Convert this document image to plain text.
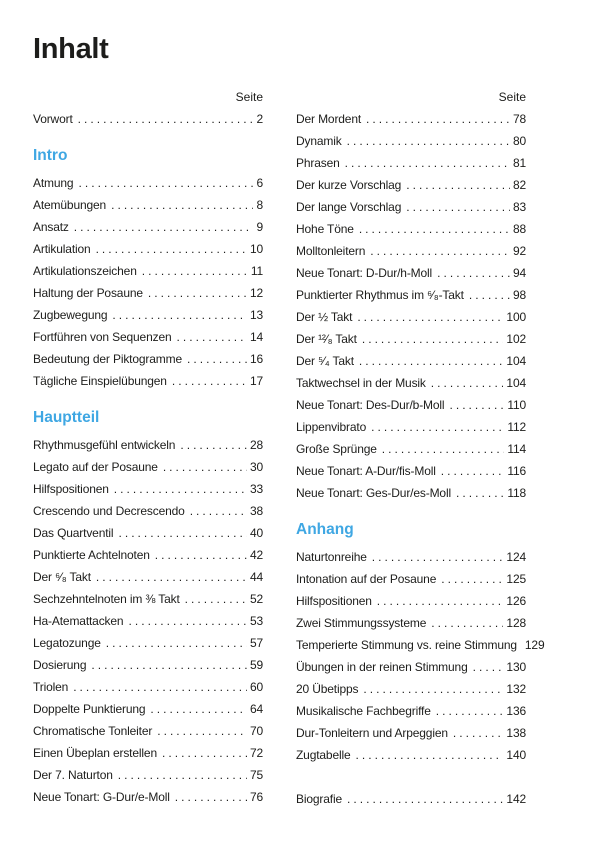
Inhalt
Seite
Vorwort . . .	2
Intro
Atmung . . .	6
Atemübungen . . .	8
Ansatz . . .	9
Artikulation . . .	10
Artikulationszeichen . . .	11
Haltung der Posaune . . .	12
Zugbewegung . . .	13
Fortführen von Sequenzen . . .	14
Bedeutung der Piktogramme . . .	16
Tägliche Einspielübungen . . .	17
Hauptteil
Rhythmusgefühl entwickeln . . .	28
Legato auf der Posaune . . .	30
Hilfspositionen . . .	33
Crescendo und Decrescendo . . .	38
Das Quartventil . . .	40
Punktierte Achtelnoten . . .	42
Der ⁶⁄₈ Takt . . .	44
Sechzehntelnoten im ⅜ Takt . . .	52
Ha-Atemattacken . . .	53
Legatozunge . . .	57
Dosierung . . .	59
Triolen . . .	60
Doppelte Punktierung . . .	64
Chromatische Tonleiter . . .	70
Einen Übeplan erstellen . . .	72
Der 7. Naturton . . .	75
Neue Tonart: G-Dur/e-Moll . . .	76
Seite
Der Mordent . . .	78
Dynamik . . .	80
Phrasen . . .	81
Der kurze Vorschlag . . .	82
Der lange Vorschlag . . .	83
Hohe Töne . . .	88
Molltonleitern . . .	92
Neue Tonart: D-Dur/h-Moll . . .	94
Punktierter Rhythmus im ⁶⁄₈-Takt . . .	98
Der ½ Takt . . .	100
Der ¹²⁄₈ Takt . . .	102
Der ⁵⁄₄ Takt . . .	104
Taktwechsel in der Musik . . .	104
Neue Tonart: Des-Dur/b-Moll . . .	110
Lippenvibrato . . .	112
Große Sprünge . . .	114
Neue Tonart: A-Dur/fis-Moll . . .	116
Neue Tonart: Ges-Dur/es-Moll . . .	118
Anhang
Naturtonreihe . . .	124
Intonation auf der Posaune . . .	125
Hilfspositionen . . .	126
Zwei Stimmungssysteme . . .	128
Temperierte Stimmung vs. reine Stimmung 129
Übungen in der reinen Stimmung . . .	130
20 Übetipps . . .	132
Musikalische Fachbegriffe . . .	136
Dur-Tonleitern und Arpeggien . . .	138
Zugtabelle . . .	140
Biografie . . .	142
